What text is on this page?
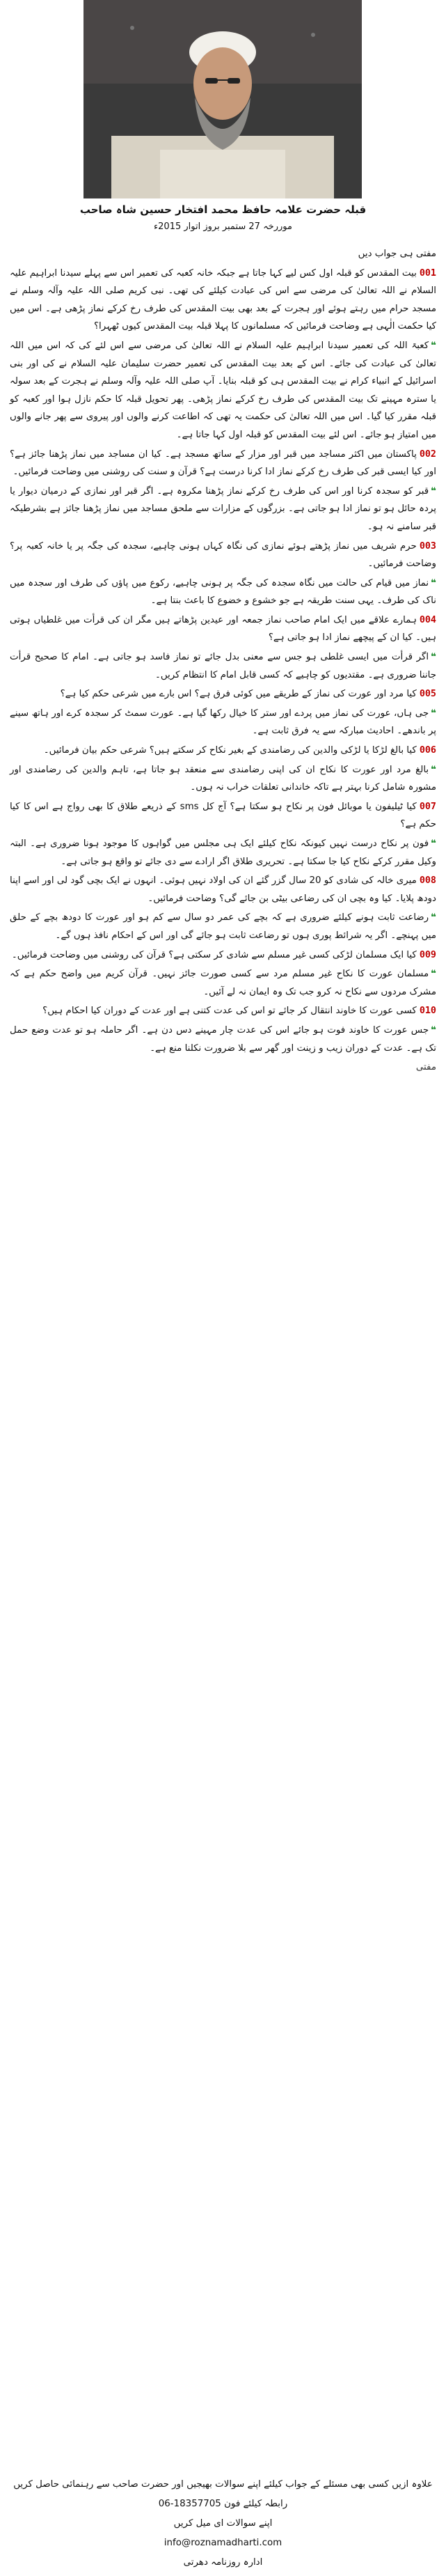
قبلہ حضرت علامہ حافظ محمد افتخار حسین شاہ صاحب
موررخہ 27 ستمبر بروز اتوار 2015ء

مفتی ہی جواب دیں

001بیت المقدس کو قبلہ اول کس لیے کہا جاتا ہے جبکہ خانہ کعبہ کی تعمیر اس سے پہلے سیدنا ابراہیم علیہ السلام نے اللہ تعالیٰ کی مرضی سے اس کی عبادت کیلئے کی تھی۔ نبی کریم صلی اللہ علیہ وآلہ وسلم نے مسجد حرام میں رہتے ہوئے اور ہجرت کے بعد بھی بیت المقدس کی طرف رخ کرکے نماز پڑھی ہے۔ اس میں کیا حکمت الٰہی ہے وضاحت فرمائیں کہ مسلمانوں کا پہلا قبلہ بیت المقدس کیوں ٹھہرا؟

❝کعبۃ اللہ کی تعمیر سیدنا ابراہیم علیہ السلام نے اللہ تعالیٰ کی مرضی سے اس لئے کی کہ اس میں اللہ تعالیٰ کی عبادت کی جائے۔ اس کے بعد بیت المقدس کی تعمیر حضرت سلیمان علیہ السلام نے کی اور بنی اسرائیل کے انبیاء کرام نے بیت المقدس ہی کو قبلہ بنایا۔ آپ صلی اللہ علیہ وآلہ وسلم نے ہجرت کے بعد سولہ یا سترہ مہینے تک بیت المقدس کی طرف رخ کرکے نماز پڑھی۔ پھر تحویل قبلہ کا حکم نازل ہوا اور کعبہ کو قبلہ مقرر کیا گیا۔ اس میں اللہ تعالیٰ کی حکمت یہ تھی کہ اطاعت کرنے والوں اور پیروی سے پھر جانے والوں میں امتیاز ہو جائے۔ اس لئے بیت المقدس کو قبلہ اول کہا جاتا ہے۔

002پاکستان میں اکثر مساجد میں قبر اور مزار کے ساتھ مسجد ہے۔ کیا ان مساجد میں نماز پڑھنا جائز ہے؟ اور کیا ایسی قبر کی طرف رخ کرکے نماز ادا کرنا درست ہے؟ قرآن و سنت کی روشنی میں وضاحت فرمائیں۔

❝قبر کو سجدہ کرنا اور اس کی طرف رخ کرکے نماز پڑھنا مکروہ ہے۔ اگر قبر اور نمازی کے درمیان دیوار یا پردہ حائل ہو تو نماز ادا ہو جاتی ہے۔ بزرگوں کے مزارات سے ملحق مساجد میں نماز پڑھنا جائز ہے بشرطیکہ قبر سامنے نہ ہو۔

003حرم شریف میں نماز پڑھتے ہوئے نمازی کی نگاہ کہاں ہونی چاہیے، سجدہ کی جگہ پر یا خانہ کعبہ پر؟ وضاحت فرمائیں۔

❝نماز میں قیام کی حالت میں نگاہ سجدہ کی جگہ پر ہونی چاہیے، رکوع میں پاؤں کی طرف اور سجدہ میں ناک کی طرف۔ یہی سنت طریقہ ہے جو خشوع و خضوع کا باعث بنتا ہے۔

004ہمارے علاقے میں ایک امام صاحب نماز جمعہ اور عیدین پڑھاتے ہیں مگر ان کی قرأت میں غلطیاں ہوتی ہیں۔ کیا ان کے پیچھے نماز ادا ہو جاتی ہے؟

❝اگر قرأت میں ایسی غلطی ہو جس سے معنی بدل جائے تو نماز فاسد ہو جاتی ہے۔ امام کا صحیح قرأت جاننا ضروری ہے۔ مقتدیوں کو چاہیے کہ کسی قابل امام کا انتظام کریں۔

005کیا مرد اور عورت کی نماز کے طریقے میں کوئی فرق ہے؟ اس بارے میں شرعی حکم کیا ہے؟

❝جی ہاں، عورت کی نماز میں پردے اور ستر کا خیال رکھا گیا ہے۔ عورت سمٹ کر سجدہ کرے اور ہاتھ سینے پر باندھے۔ احادیث مبارکہ سے یہ فرق ثابت ہے۔

006کیا بالغ لڑکا یا لڑکی والدین کی رضامندی کے بغیر نکاح کر سکتے ہیں؟ شرعی حکم بیان فرمائیں۔

❝بالغ مرد اور عورت کا نکاح ان کی اپنی رضامندی سے منعقد ہو جاتا ہے، تاہم والدین کی رضامندی اور مشورہ شامل کرنا بہتر ہے تاکہ خاندانی تعلقات خراب نہ ہوں۔

007کیا ٹیلیفون یا موبائل فون پر نکاح ہو سکتا ہے؟ آج کل sms کے ذریعے طلاق کا بھی رواج ہے اس کا کیا حکم ہے؟

❝فون پر نکاح درست نہیں کیونکہ نکاح کیلئے ایک ہی مجلس میں گواہوں کا موجود ہونا ضروری ہے۔ البتہ وکیل مقرر کرکے نکاح کیا جا سکتا ہے۔ تحریری طلاق اگر ارادے سے دی جائے تو واقع ہو جاتی ہے۔

008میری خالہ کی شادی کو 20 سال گزر گئے ان کی اولاد نہیں ہوئی۔ انہوں نے ایک بچی گود لی اور اسے اپنا دودھ پلایا۔ کیا وہ بچی ان کی رضاعی بیٹی بن جائے گی؟ وضاحت فرمائیں۔

❝رضاعت ثابت ہونے کیلئے ضروری ہے کہ بچے کی عمر دو سال سے کم ہو اور عورت کا دودھ بچے کے حلق میں پہنچے۔ اگر یہ شرائط پوری ہوں تو رضاعت ثابت ہو جائے گی اور اس کے احکام نافذ ہوں گے۔

009کیا ایک مسلمان لڑکی کسی غیر مسلم سے شادی کر سکتی ہے؟ قرآن کی روشنی میں وضاحت فرمائیں۔

❝مسلمان عورت کا نکاح غیر مسلم مرد سے کسی صورت جائز نہیں۔ قرآن کریم میں واضح حکم ہے کہ مشرک مردوں سے نکاح نہ کرو جب تک وہ ایمان نہ لے آئیں۔

010کسی عورت کا خاوند انتقال کر جائے تو اس کی عدت کتنی ہے اور عدت کے دوران کیا احکام ہیں؟

❝جس عورت کا خاوند فوت ہو جائے اس کی عدت چار مہینے دس دن ہے۔ اگر حاملہ ہو تو عدت وضع حمل تک ہے۔ عدت کے دوران زیب و زینت اور گھر سے بلا ضرورت نکلنا منع ہے۔

مفتی

علاوہ ازیں کسی بھی مسئلے کے جواب کیلئے اپنے سوالات بھیجیں اور حضرت صاحب سے رہنمائی حاصل کریں
رابطہ کیلئے فون 06-18357705
اپنے سوالات ای میل کریں
info@roznamadharti.com
ادارہ روزنامہ دھرتی
